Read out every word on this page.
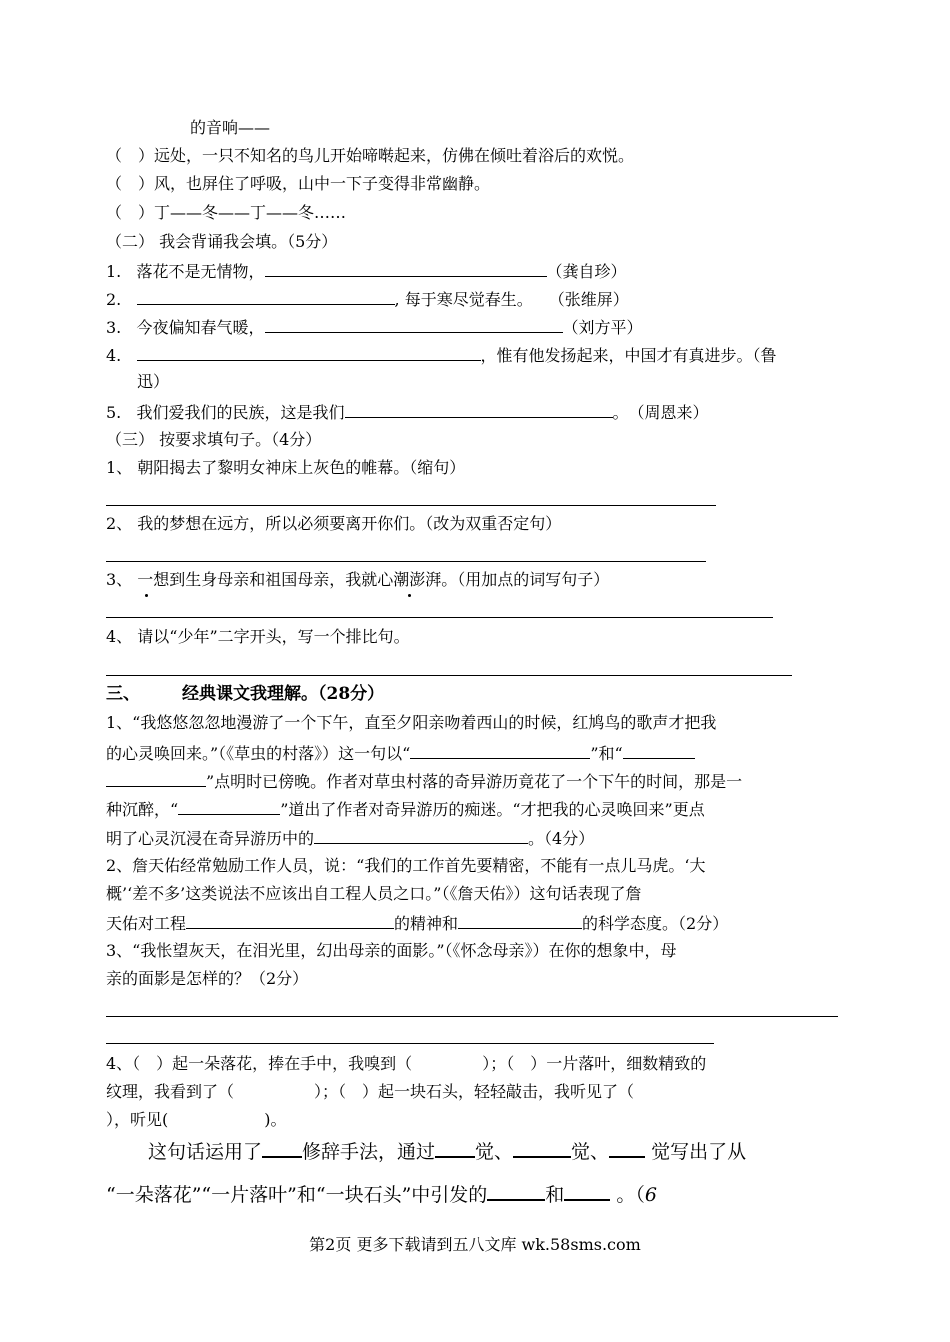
的音响——
（　）远处，一只不知名的鸟儿开始啼啭起来，仿佛在倾吐着浴后的欢悦。
（　）风，也屏住了呼吸，山中一下子变得非常幽静。
（　）丁——冬——丁——冬……
（二） 我会背诵我会填。（5分）
1. 落花不是无情物，	（龚自珍）
2.	, 每于寒尽觉春生。　　（张维屏）
3. 今夜偏知春气暖，	（刘方平）
4.	，惟有他发扬起来，中国才有真进步。（鲁
迅）
5. 我们爱我们的民族，这是我们	。　（周恩来）
（三） 按要求填句子。（4分）
1、 朝阳揭去了黎明女神床上灰色的帷幕。（缩句）
2、 我的梦想在远方，所以必须要离开你们。（改为双重否定句）
3、 一想到生身母亲和祖国母亲，我就心潮澎湃。（用加点的词写句子）
4、 请以“少年”二字开头，写一个排比句。
三、 经典课文我理解。（28分）
1、“我悠悠忽忽地漫游了一个下午，直至夕阳亲吻着西山的时候，红鸠鸟的歌声才把我
的心灵唤回来。”（《草虫的村落》）这一句以“	”和“
”点明时已傍晚。作者对草虫村落的奇异游历竟花了一个下午的时间，那是一
种沉醉，“	”道出了作者对奇异游历的痴迷。“才把我的心灵唤回来”更点
明了心灵沉浸在奇异游历中的	。（4分）
2、詹天佑经常勉励工作人员，说：“我们的工作首先要精密，不能有一点儿马虎。‘大
概’‘差不多’这类说法不应该出自工程人员之口。”（《詹天佑》）这句话表现了詹
天佑对工程	的精神和	的科学态度。（2分）
3、“我怅望灰天，在泪光里，幻出母亲的面影。”（《怀念母亲》）在你的想象中，母
亲的面影是怎样的？（2分）
4、（　）起一朵落花，捧在手中，我嗅到（	）；（　）一片落叶，细数精致的
纹理，我看到了（	）；（　）起一块石头，轻轻敲击，我听见了（
），听见(	)。
这句话运用了 修辞手法，通过 觉、	觉、 觉写出了从
“一朵落花”“一片落叶”和“一块石头”中引发的	和 。（6
第2页 更多下载请到五八文库 wk.58sms.com
